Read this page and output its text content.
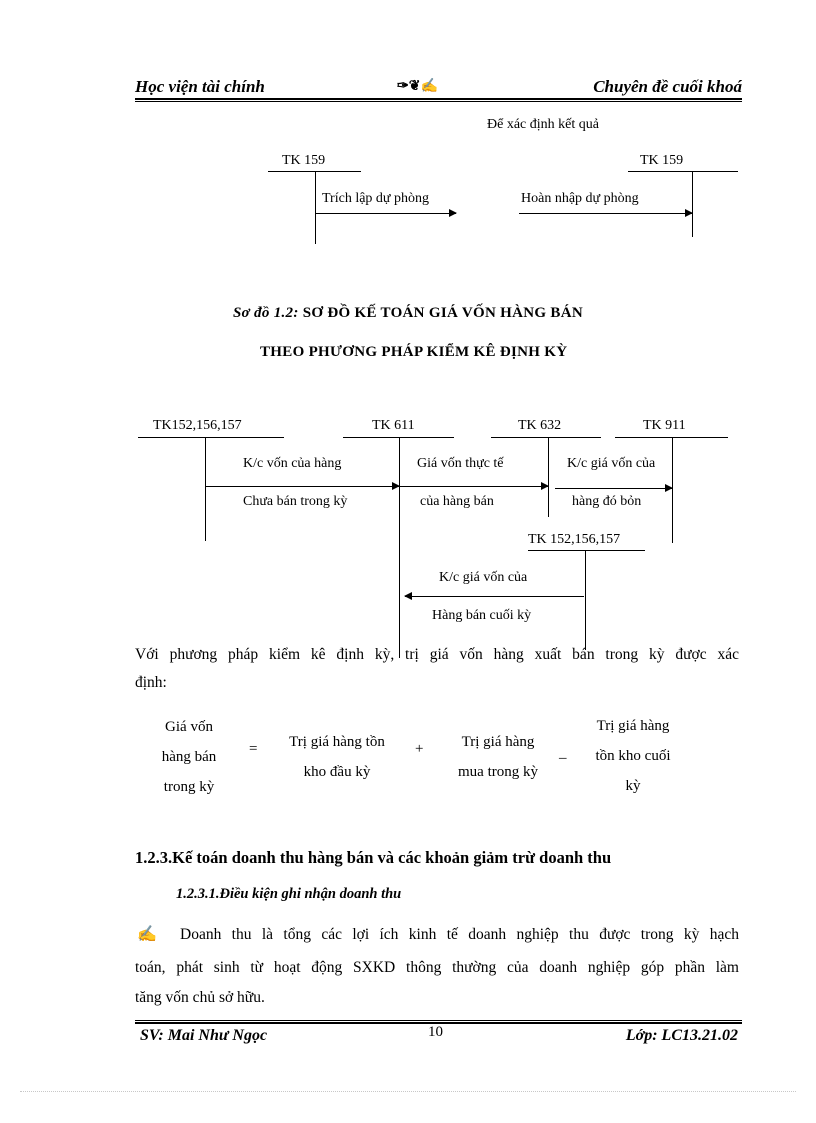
Học viện tài chính	✑❦✍	Chuyên đề cuối khoá
Để xác định kết quả
TK 159
Trích lập dự phòng
TK 159
Hoàn nhập dự phòng
Sơ đồ 1.2: SƠ ĐỒ KẾ TOÁN GIÁ VỐN HÀNG BÁN
THEO PHƯƠNG PHÁP KIỂM KÊ ĐỊNH KỲ
TK152,156,157	TK 611	TK 632	TK 911
K/c vốn của hàng
Chưa bán trong kỳ
Giá vốn thực tế
của hàng bán
K/c giá vốn của
hàng đó bỏn
TK 152,156,157
K/c giá vốn của
Hàng bán cuối kỳ
Với phương pháp kiểm kê định kỳ, trị giá vốn hàng xuất bán trong kỳ được xác
định:
Giá vốn
hàng bán
trong kỳ
=	Trị giá hàng tồn
kho đầu kỳ
+	Trị giá hàng
mua trong kỳ
–
Trị giá hàng
tồn kho cuối
kỳ
1.2.3.Kế toán doanh thu hàng bán và các khoản giảm trừ doanh thu
1.2.3.1.Điều kiện ghi nhận doanh thu
✍ Doanh thu là tổng các lợi ích kinh tế doanh nghiệp thu được trong kỳ hạch
toán, phát sinh từ hoạt động SXKD thông thường của doanh nghiệp góp phần làm
tăng vốn chủ sở hữu.
SV: Mai Như Ngọc	10	Lớp: LC13.21.02
